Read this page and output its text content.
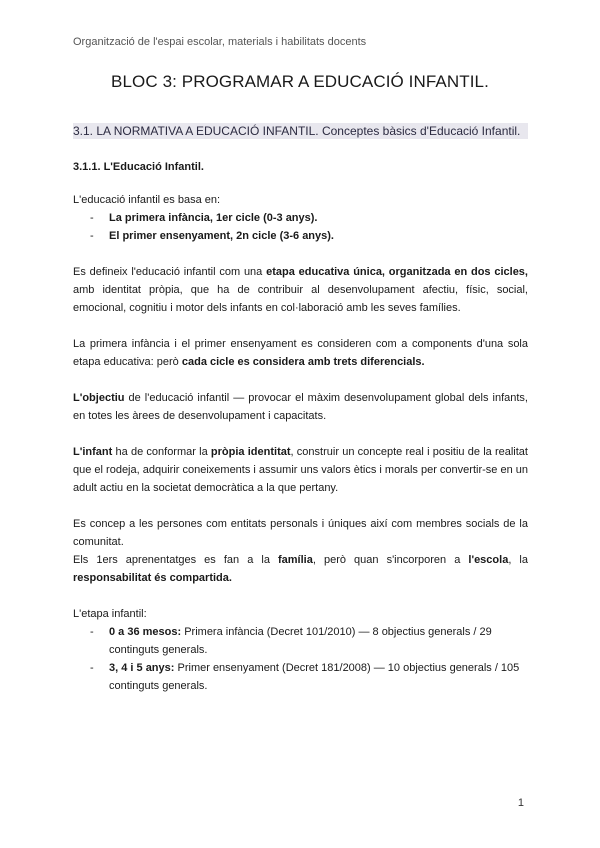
Organització de l'espai escolar, materials i habilitats docents
BLOC 3: PROGRAMAR A EDUCACIÓ INFANTIL.
3.1. LA NORMATIVA A EDUCACIÓ INFANTIL. Conceptes bàsics d'Educació Infantil.
3.1.1. L'Educació Infantil.

L'educació infantil es basa en:

- La primera infància, 1er cicle (0-3 anys).
- El primer ensenyament, 2n cicle (3-6 anys).

Es defineix l'educació infantil com una etapa educativa única, organitzada en dos cicles, amb identitat pròpia, que ha de contribuir al desenvolupament afectiu, físic, social, emocional, cognitiu i motor dels infants en col·laboració amb les seves famílies.

La primera infància i el primer ensenyament es consideren com a components d'una sola etapa educativa: però cada cicle es considera amb trets diferencials.

L'objectiu de l'educació infantil — provocar el màxim desenvolupament global dels infants, en totes les àrees de desenvolupament i capacitats.

L'infant ha de conformar la pròpia identitat, construir un concepte real i positiu de la realitat que el rodeja, adquirir coneixements i assumir uns valors ètics i morals per convertir-se en un adult actiu en la societat democràtica a la que pertany.

Es concep a les persones com entitats personals i úniques així com membres socials de la comunitat.

Els 1ers aprenentatges es fan a la família, però quan s'incorporen a l'escola, la responsabilitat és compartida.

L'etapa infantil:

- 0 a 36 mesos: Primera infància (Decret 101/2010) — 8 objectius generals / 29 continguts generals.
- 3, 4 i 5 anys: Primer ensenyament (Decret 181/2008) — 10 objectius generals / 105 continguts generals.
1
